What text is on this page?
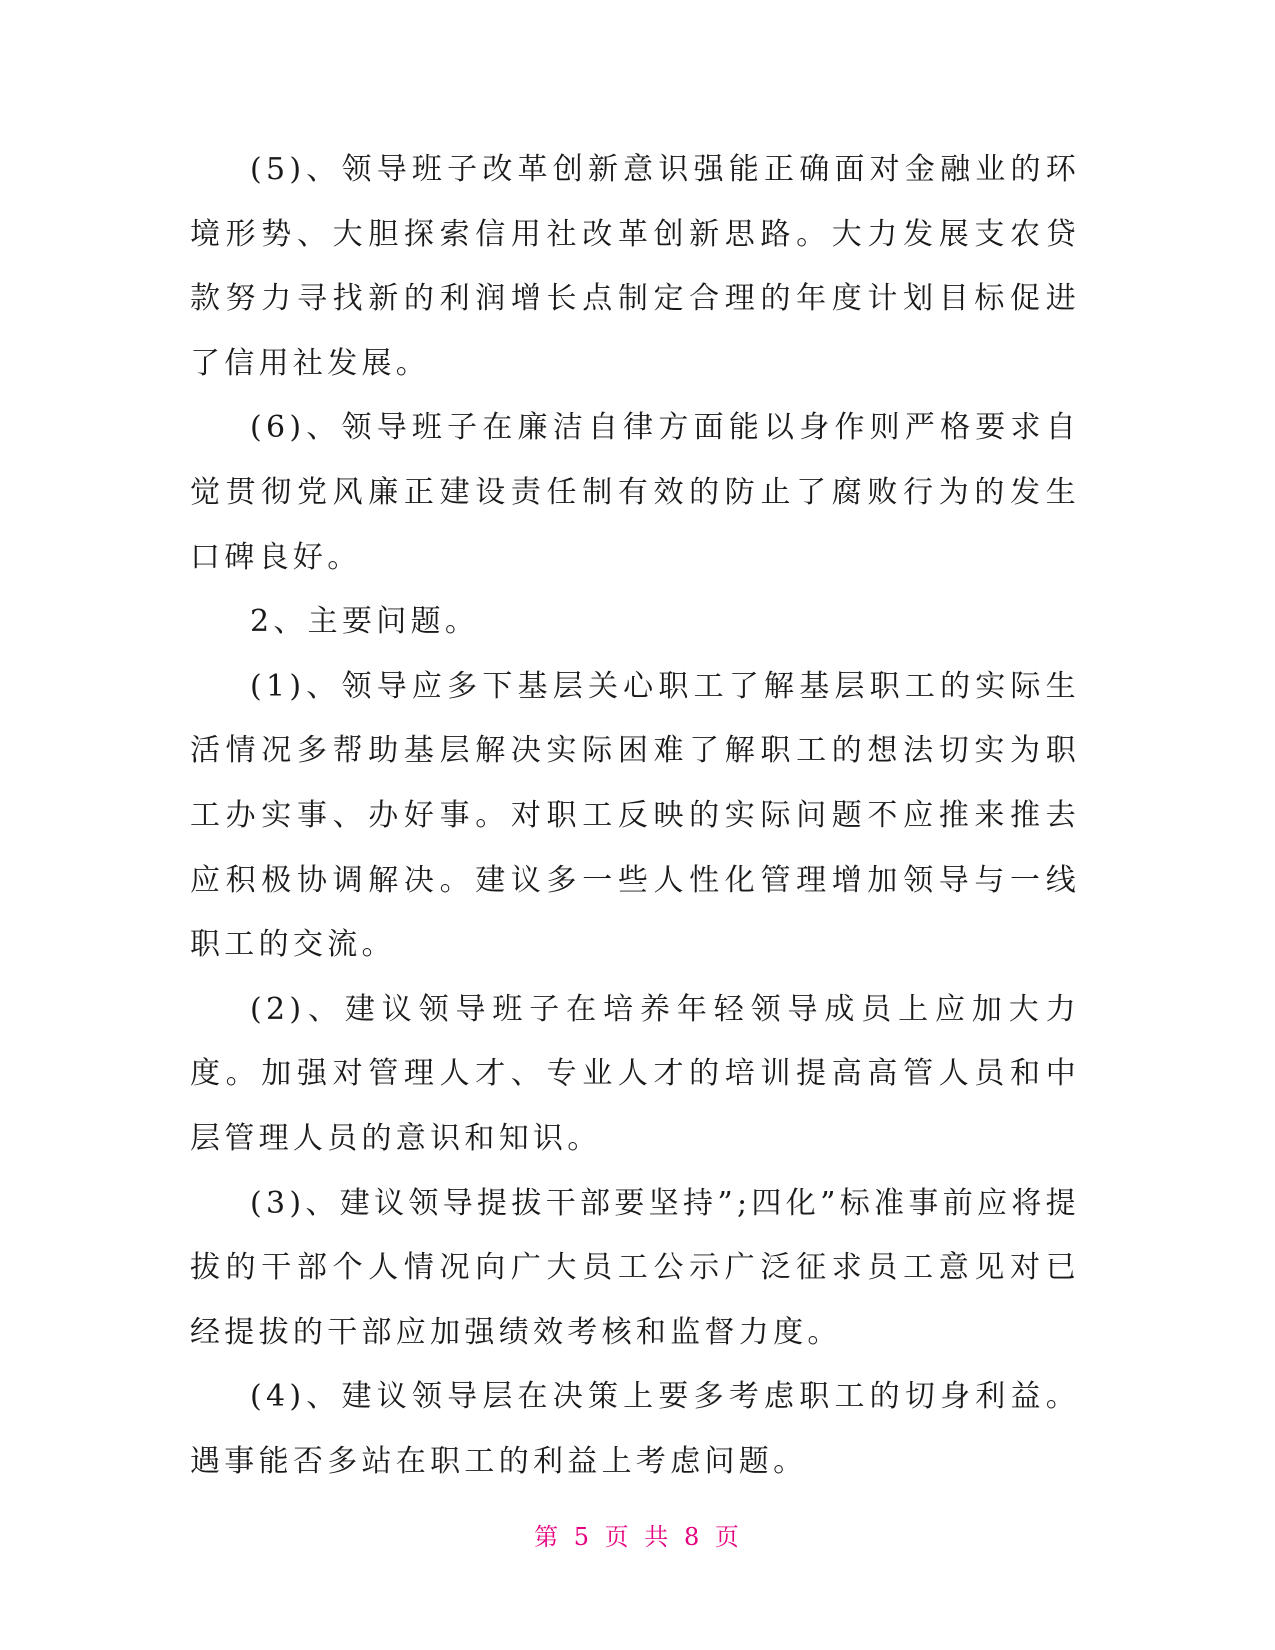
(5)、领导班子改革创新意识强能正确面对金融业的环境形势、大胆探索信用社改革创新思路。大力发展支农贷款努力寻找新的利润增长点制定合理的年度计划目标促进了信用社发展。

(6)、领导班子在廉洁自律方面能以身作则严格要求自觉贯彻党风廉正建设责任制有效的防止了腐败行为的发生口碑良好。

2、主要问题。

(1)、领导应多下基层关心职工了解基层职工的实际生活情况多帮助基层解决实际困难了解职工的想法切实为职工办实事、办好事。对职工反映的实际问题不应推来推去应积极协调解决。建议多一些人性化管理增加领导与一线职工的交流。

(2)、建议领导班子在培养年轻领导成员上应加大力度。加强对管理人才、专业人才的培训提高高管人员和中层管理人员的意识和知识。

(3)、建议领导提拔干部要坚持”;四化”标准事前应将提拔的干部个人情况向广大员工公示广泛征求员工意见对已经提拔的干部应加强绩效考核和监督力度。

(4)、建议领导层在决策上要多考虑职工的切身利益。遇事能否多站在职工的利益上考虑问题。

第 5 页 共 8 页
